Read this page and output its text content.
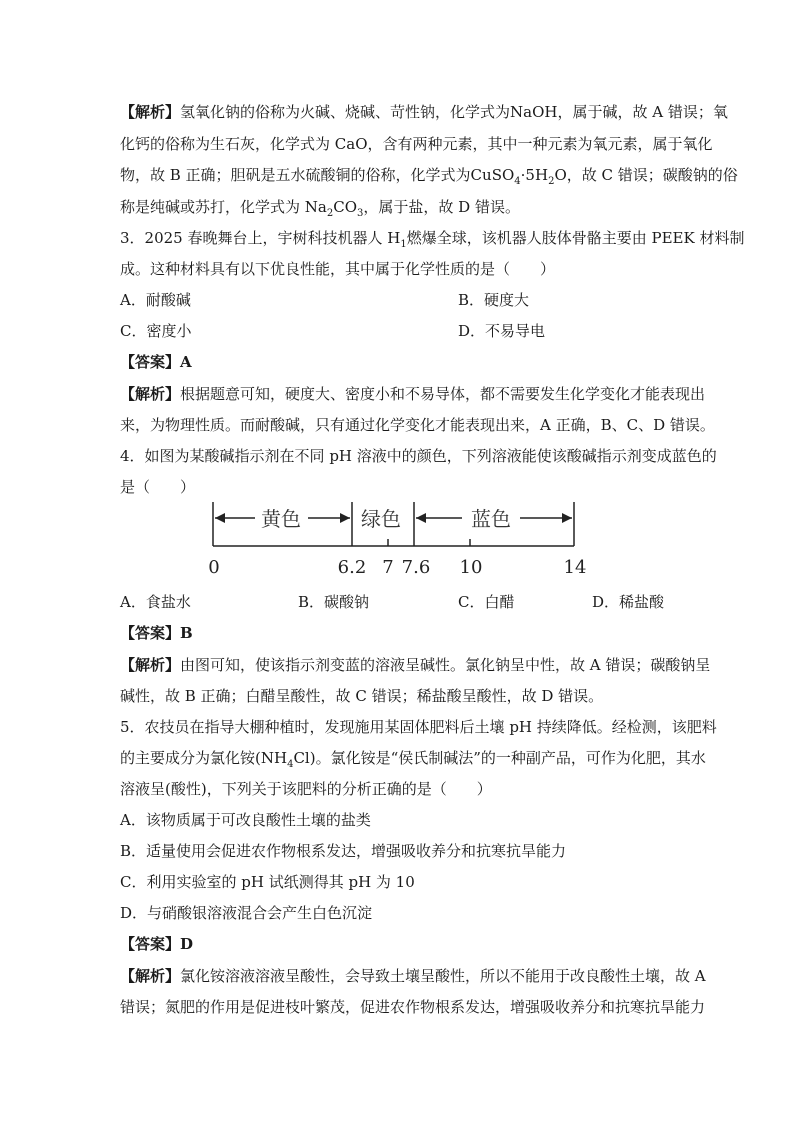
【解析】氢氧化钠的俗称为火碱、烧碱、苛性钠，化学式为NaOH，属于碱，故 A 错误；氧
化钙的俗称为生石灰，化学式为 CaO，含有两种元素，其中一种元素为氧元素，属于氧化
物，故 B 正确；胆矾是五水硫酸铜的俗称，化学式为$CuSO_4\cdot 5H_2O$，故 C 错误；碳酸钠的俗
称是纯碱或苏打，化学式为 $Na_2CO_3$，属于盐，故 D 错误。
3．2025 春晚舞台上，宇树科技机器人 $H_1$燃爆全球，该机器人肢体骨骼主要由 PEEK 材料制
成。这种材料具有以下优良性能，其中属于化学性质的是（　　）
A．耐酸碱	B．硬度大
C．密度小	D．不易导电
【答案】A
【解析】根据题意可知，硬度大、密度小和不易导体，都不需要发生化学变化才能表现出
来，为物理性质。而耐酸碱，只有通过化学变化才能表现出来，A 正确，B、C、D 错误。
4．如图为某酸碱指示剂在不同 pH 溶液中的颜色，下列溶液能使该酸碱指示剂变成蓝色的
是（　　）
黄色	绿色	蓝色
0	6.2 7 7.6 10	14
A．食盐水	B．碳酸钠	C．白醋	D．稀盐酸
【答案】B
【解析】由图可知，使该指示剂变蓝的溶液呈碱性。氯化钠呈中性，故 A 错误；碳酸钠呈
碱性，故 B 正确；白醋呈酸性，故 C 错误；稀盐酸呈酸性，故 D 错误。
5．农技员在指导大棚种植时，发现施用某固体肥料后土壤 pH 持续降低。经检测，该肥料
的主要成分为氯化铵$(NH_4Cl)$。氯化铵是“侯氏制碱法”的一种副产品，可作为化肥，其水
溶液呈(酸性)，下列关于该肥料的分析正确的是（　　）
A．该物质属于可改良酸性土壤的盐类
B．适量使用会促进农作物根系发达，增强吸收养分和抗寒抗旱能力
C．利用实验室的 pH 试纸测得其 pH 为 10
D．与硝酸银溶液混合会产生白色沉淀
【答案】D
【解析】氯化铵溶液溶液呈酸性，会导致土壤呈酸性，所以不能用于改良酸性土壤，故 A
错误；氮肥的作用是促进枝叶繁茂，促进农作物根系发达，增强吸收养分和抗寒抗旱能力
